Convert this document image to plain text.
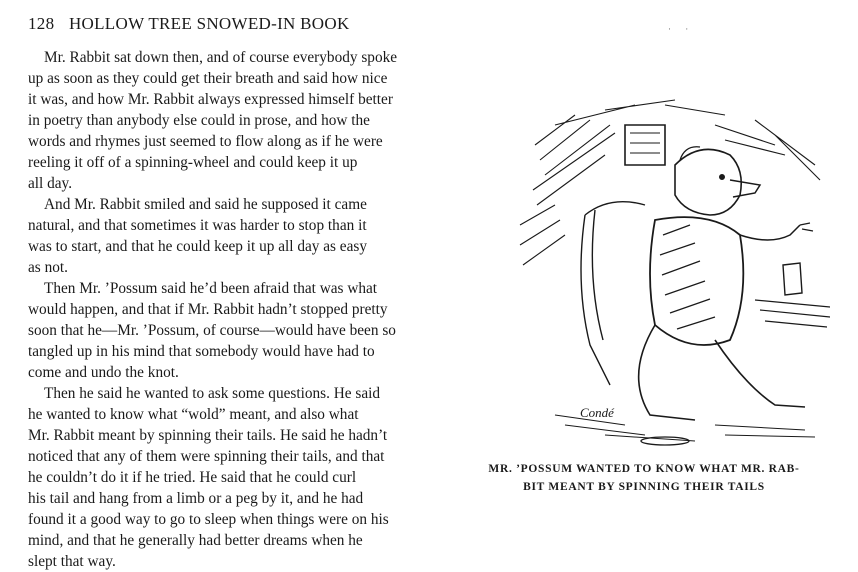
128 HOLLOW TREE SNOWED-IN BOOK
Mr. Rabbit sat down then, and of course everybody spoke
up as soon as they could get their breath and said how nice
it was, and how Mr. Rabbit always expressed himself better
in poetry than anybody else could in prose, and how the
words and rhymes just seemed to flow along as if he were
reeling it off of a spinning-wheel and could keep it up
all day.
And Mr. Rabbit smiled and said he supposed it came
natural, and that sometimes it was harder to stop than it
was to start, and that he could keep it up all day as easy
as not.
Then Mr. ’Possum said he’d been afraid that was what
would happen, and that if Mr. Rabbit hadn’t stopped pretty
soon that he—Mr. ’Possum, of course—would have been so
tangled up in his mind that somebody would have had to
come and undo the knot.
Then he said he wanted to ask some questions. He said
he wanted to know what “wold” meant, and also what
Mr. Rabbit meant by spinning their tails. He said he hadn’t
noticed that any of them were spinning their tails, and that
he couldn’t do it if he tried. He said that he could curl
his tail and hang from a limb or a peg by it, and he had
found it a good way to go to sleep when things were on his
mind, and that he generally had better dreams when he
slept that way.
· ·
Condé
MR. ’POSSUM WANTED TO KNOW WHAT MR. RAB-
BIT MEANT BY SPINNING THEIR TAILS
